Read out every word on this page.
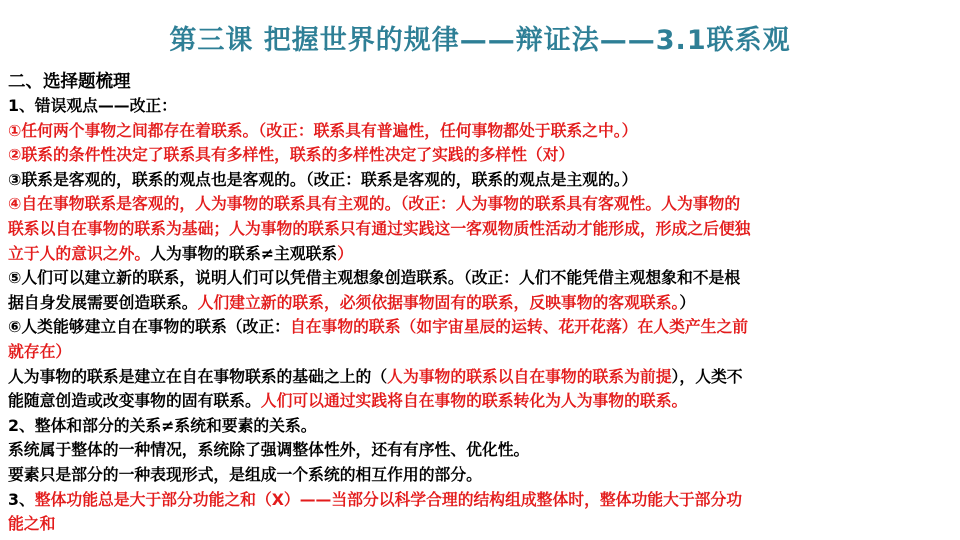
第三课 把握世界的规律——辩证法——3.1联系观

二、选择题梳理

1、错误观点——改正：

①任何两个事物之间都存在着联系。（改正：联系具有普遍性，任何事物都处于联系之中。）

②联系的条件性决定了联系具有多样性，联系的多样性决定了实践的多样性（对）

③联系是客观的，联系的观点也是客观的。（改正：联系是客观的，联系的观点是主观的。）

④自在事物联系是客观的，人为事物的联系具有主观的。（改正：人为事物的联系具有客观性。人为事物的

联系以自在事物的联系为基础；人为事物的联系只有通过实践这一客观物质性活动才能形成，形成之后便独

立于人的意识之外。人为事物的联系≠主观联系）

⑤人们可以建立新的联系，说明人们可以凭借主观想象创造联系。（改正：人们不能凭借主观想象和不是根

据自身发展需要创造联系。人们建立新的联系，必须依据事物固有的联系，反映事物的客观联系。）

⑥人类能够建立自在事物的联系（改正：自在事物的联系（如宇宙星辰的运转、花开花落）在人类产生之前

就存在）

人为事物的联系是建立在自在事物联系的基础之上的（人为事物的联系以自在事物的联系为前提），人类不

能随意创造或改变事物的固有联系。人们可以通过实践将自在事物的联系转化为人为事物的联系。

2、整体和部分的关系≠系统和要素的关系。

系统属于整体的一种情况，系统除了强调整体性外，还有有序性、优化性。

要素只是部分的一种表现形式，是组成一个系统的相互作用的部分。

3、整体功能总是大于部分功能之和（X）——当部分以科学合理的结构组成整体时，整体功能大于部分功

能之和
